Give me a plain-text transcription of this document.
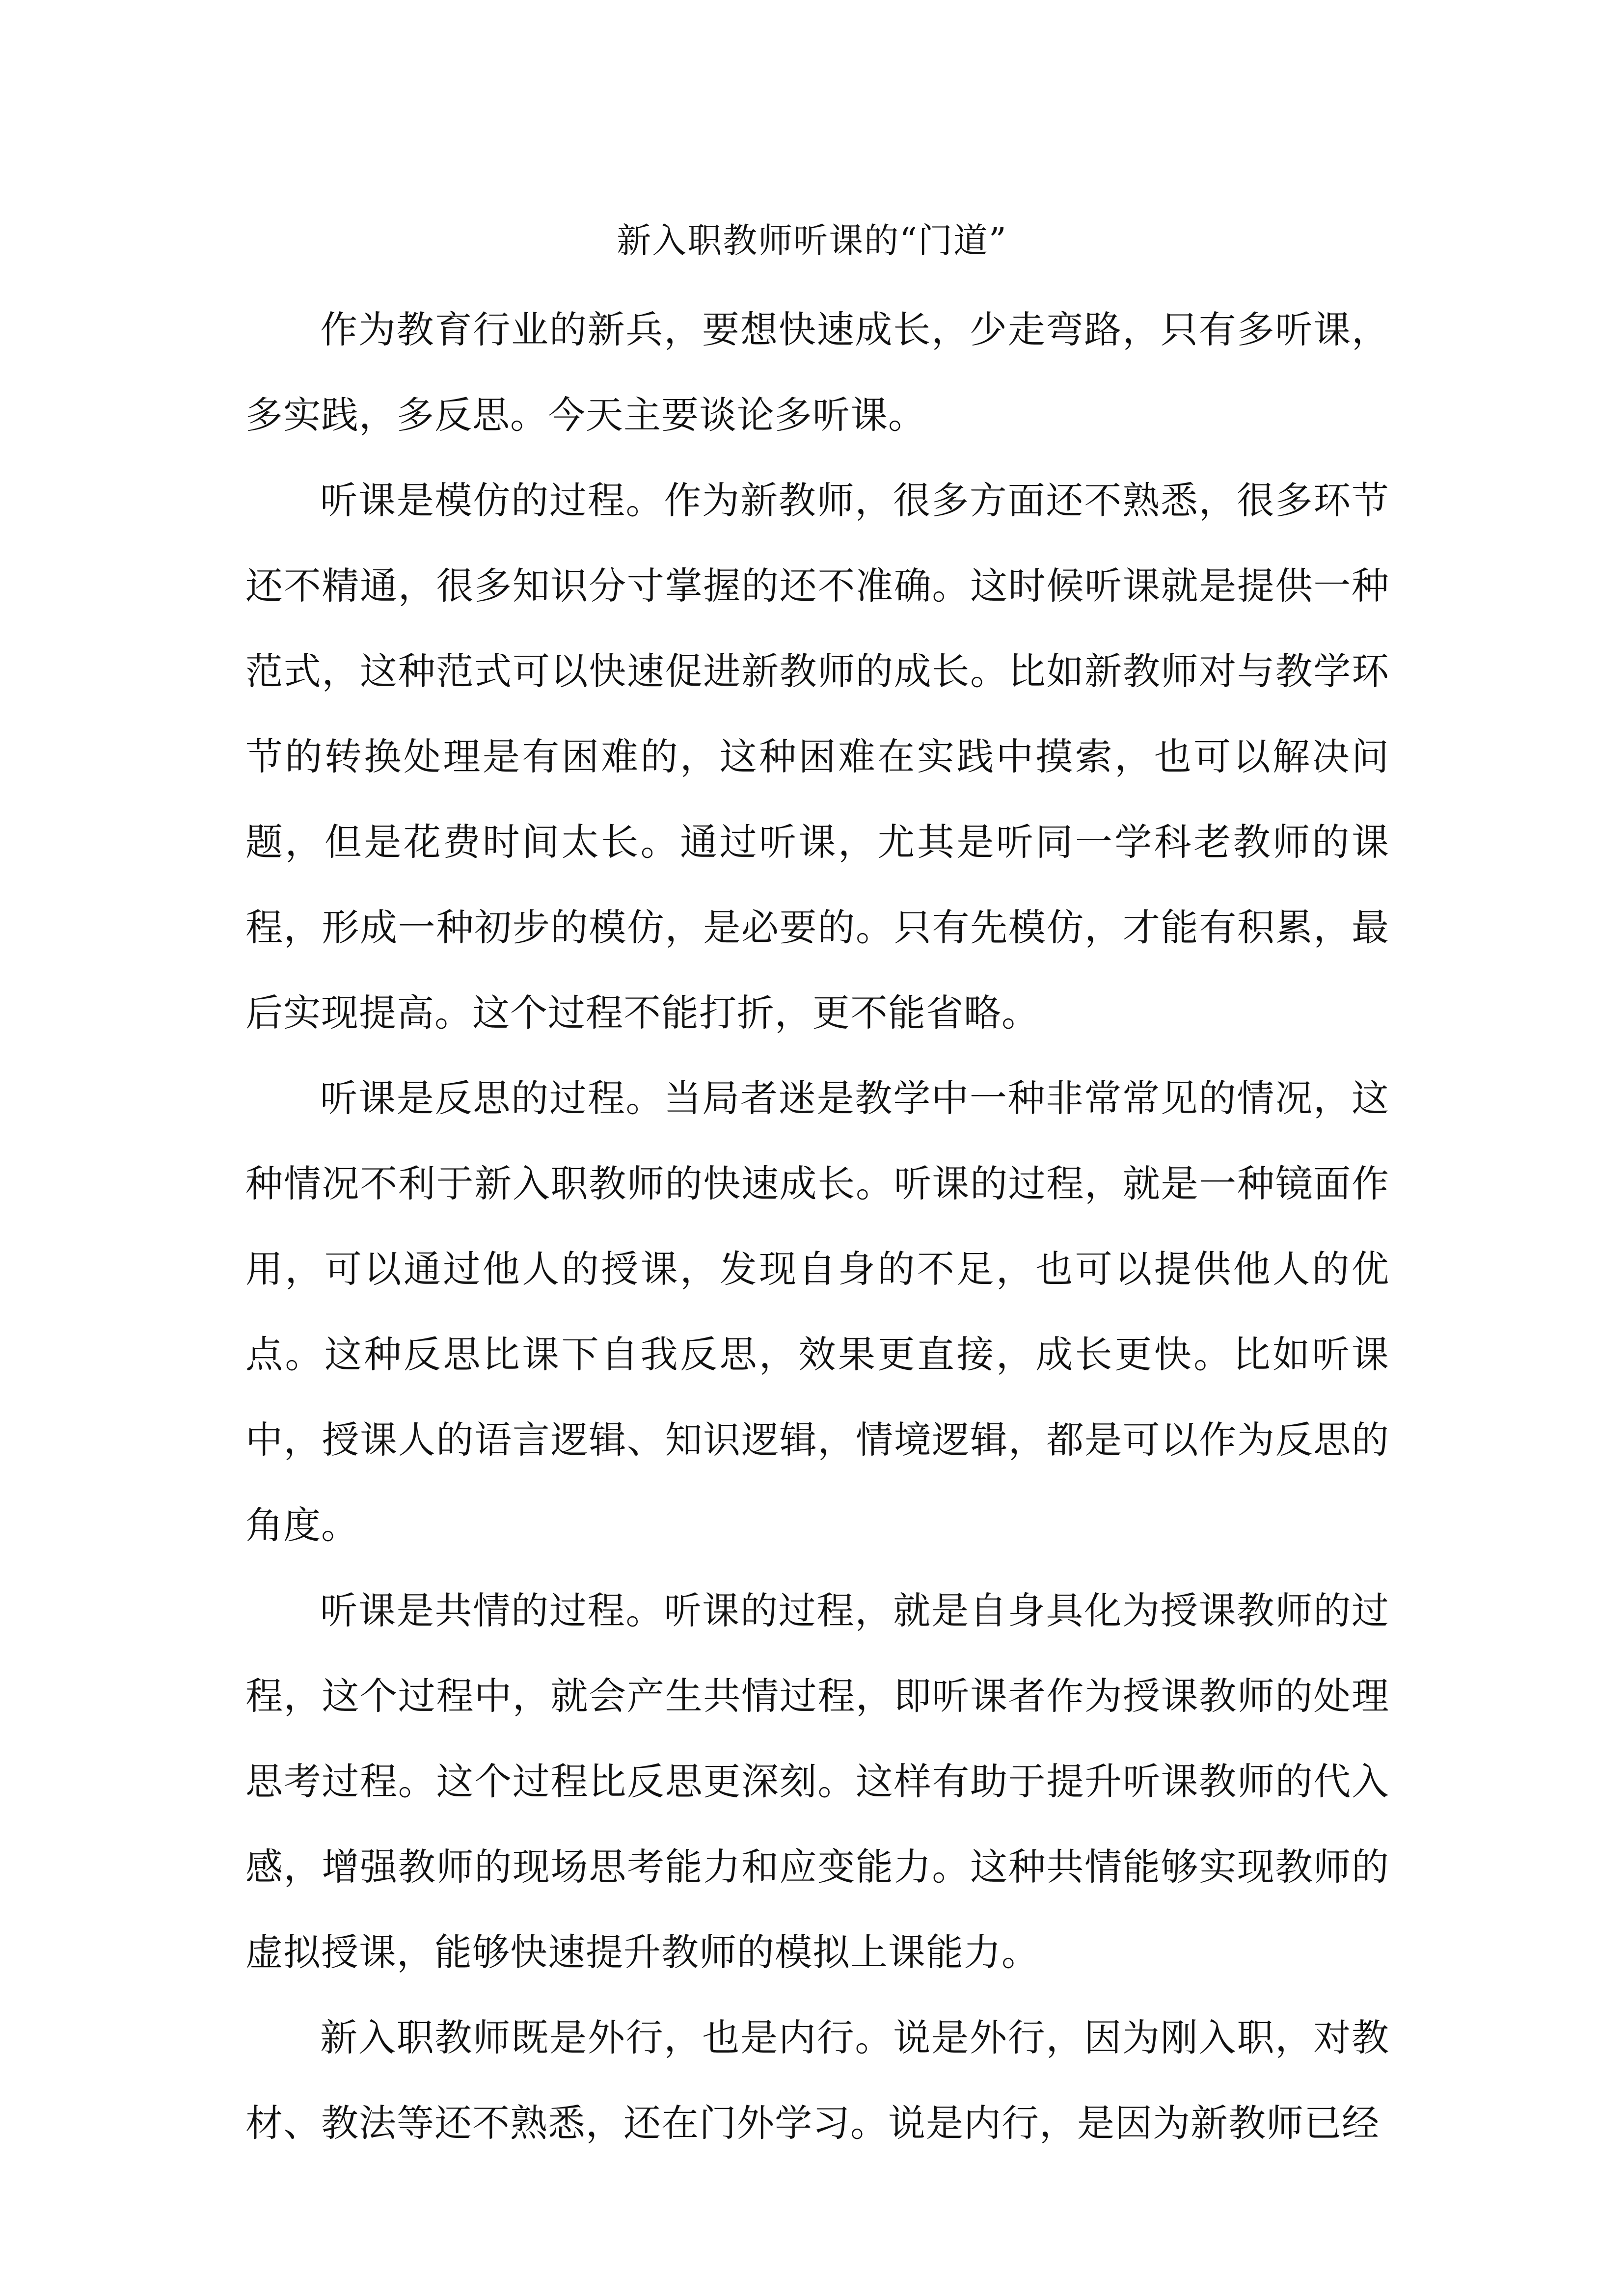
新入职教师听课的“门道”

作为教育行业的新兵，要想快速成长，少走弯路，只有多听课，多实践，多反思。今天主要谈论多听课。

听课是模仿的过程。作为新教师，很多方面还不熟悉，很多环节还不精通，很多知识分寸掌握的还不准确。这时候听课就是提供一种范式，这种范式可以快速促进新教师的成长。比如新教师对与教学环节的转换处理是有困难的，这种困难在实践中摸索，也可以解决问题，但是花费时间太长。通过听课，尤其是听同一学科老教师的课程，形成一种初步的模仿，是必要的。只有先模仿，才能有积累，最后实现提高。这个过程不能打折，更不能省略。

听课是反思的过程。当局者迷是教学中一种非常常见的情况，这种情况不利于新入职教师的快速成长。听课的过程，就是一种镜面作用，可以通过他人的授课，发现自身的不足，也可以提供他人的优点。这种反思比课下自我反思，效果更直接，成长更快。比如听课中，授课人的语言逻辑、知识逻辑，情境逻辑，都是可以作为反思的角度。

听课是共情的过程。听课的过程，就是自身具化为授课教师的过程，这个过程中，就会产生共情过程，即听课者作为授课教师的处理思考过程。这个过程比反思更深刻。这样有助于提升听课教师的代入感，增强教师的现场思考能力和应变能力。这种共情能够实现教师的虚拟授课，能够快速提升教师的模拟上课能力。

新入职教师既是外行，也是内行。说是外行，因为刚入职，对教材、教法等还不熟悉，还在门外学习。说是内行，是因为新教师已经
